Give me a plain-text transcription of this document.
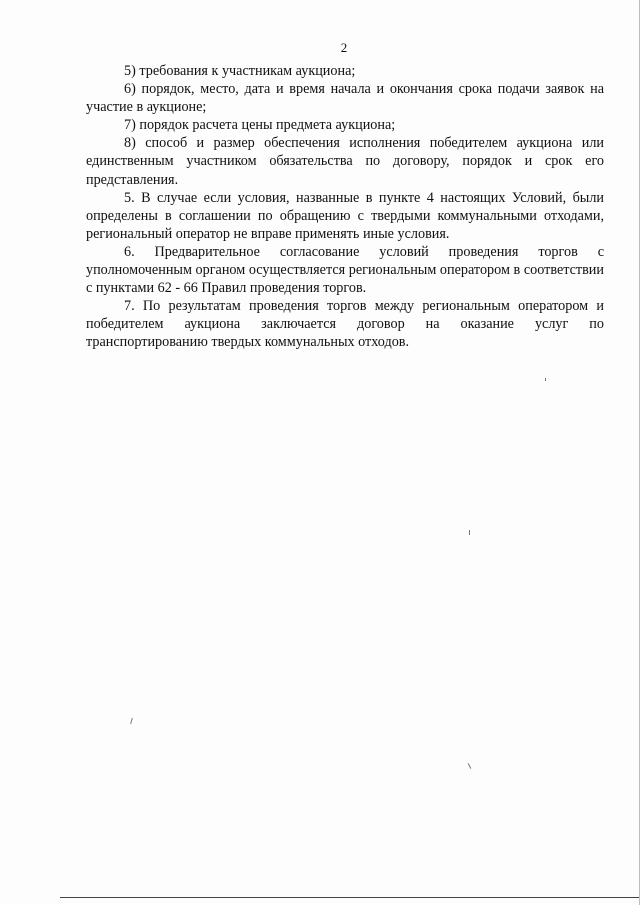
2

5) требования к участникам аукциона;

6) порядок, место, дата и время начала и окончания срока подачи заявок на участие в аукционе;

7) порядок расчета цены предмета аукциона;

8) способ и размер обеспечения исполнения победителем аукциона или единственным участником обязательства по договору, порядок и срок его представления.

5. В случае если условия, названные в пункте 4 настоящих Условий, были определены в соглашении по обращению с твердыми коммунальными отходами, региональный оператор не вправе применять иные условия.

6. Предварительное согласование условий проведения торгов с уполномоченным органом осуществляется региональным оператором в соответствии с пунктами 62 - 66 Правил проведения торгов.

7. По результатам проведения торгов между региональным оператором и победителем аукциона заключается договор на оказание услуг по транспортированию твердых коммунальных отходов.
